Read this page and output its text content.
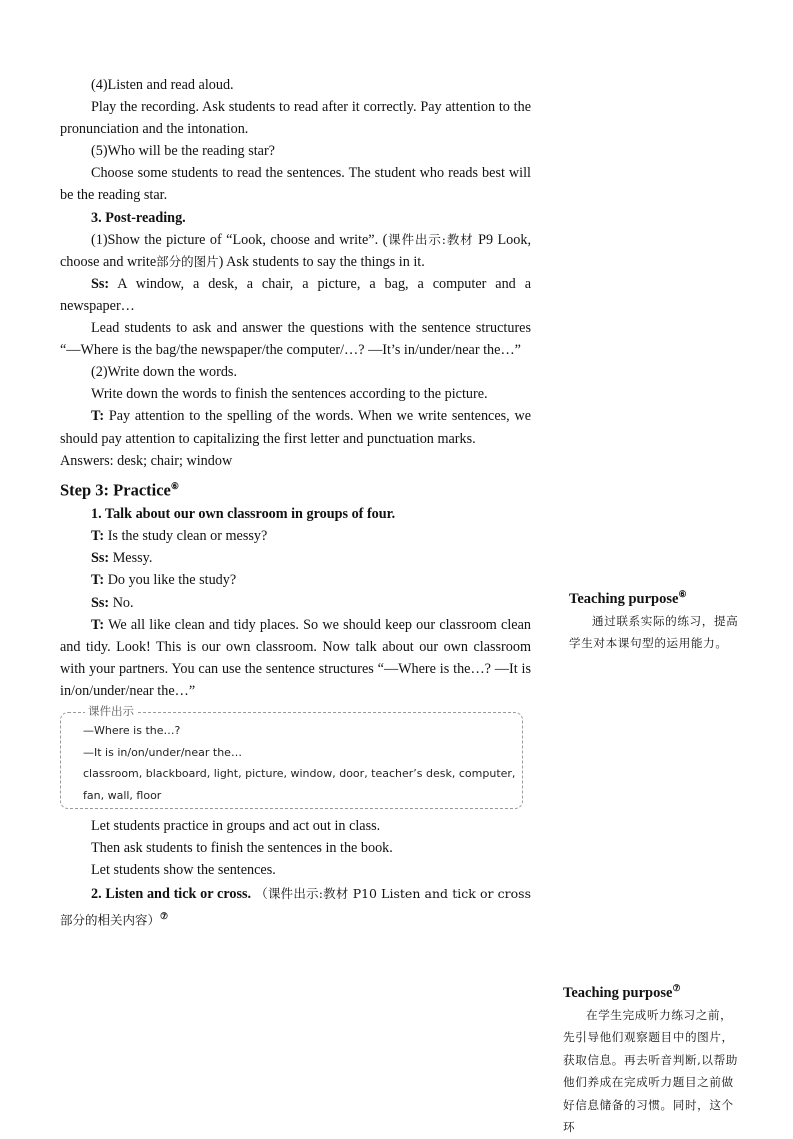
(4)Listen and read aloud.

Play the recording. Ask students to read after it correctly. Pay attention to the pronunciation and the intonation.

(5)Who will be the reading star?

Choose some students to read the sentences. The student who reads best will be the reading star.

3. Post-reading.

(1)Show the picture of “Look, choose and write”. (课件出示:教材 P9 Look, choose and write部分的图片) Ask students to say the things in it.

Ss: A window, a desk, a chair, a picture, a bag, a computer and a newspaper…

Lead students to ask and answer the questions with the sentence structures “—Where is the bag/the newspaper/the computer/…? —It’s in/under/near the…”

(2)Write down the words.

Write down the words to finish the sentences according to the picture.

T: Pay attention to the spelling of the words. When we write sentences, we should pay attention to capitalizing the first letter and punctuation marks.

Answers: desk; chair; window

Step 3: Practice⑥

1. Talk about our own classroom in groups of four.

T: Is the study clean or messy?

Ss: Messy.

T: Do you like the study?

Ss: No.

T: We all like clean and tidy places. So we should keep our classroom clean and tidy. Look! This is our own classroom. Now talk about our own classroom with your partners. You can use the sentence structures “—Where is the…? —It is in/on/under/near the…”

课件出示

—Where is the…?

—It is in/on/under/near the…

classroom, blackboard, light, picture, window, door, teacher’s desk, computer,

fan, wall, floor

Let students practice in groups and act out in class.

Then ask students to finish the sentences in the book.

Let students show the sentences.

2. Listen and tick or cross. （课件出示:教材 P10 Listen and tick or cross 部分的相关内容）⑦

Teaching purpose⑥

通过联系实际的练习，提高学生对本课句型的运用能力。

Teaching purpose⑦

在学生完成听力练习之前，先引导他们观察题目中的图片，获取信息。再去听音判断,以帮助他们养成在完成听力题目之前做好信息储备的习惯。同时，这个环
